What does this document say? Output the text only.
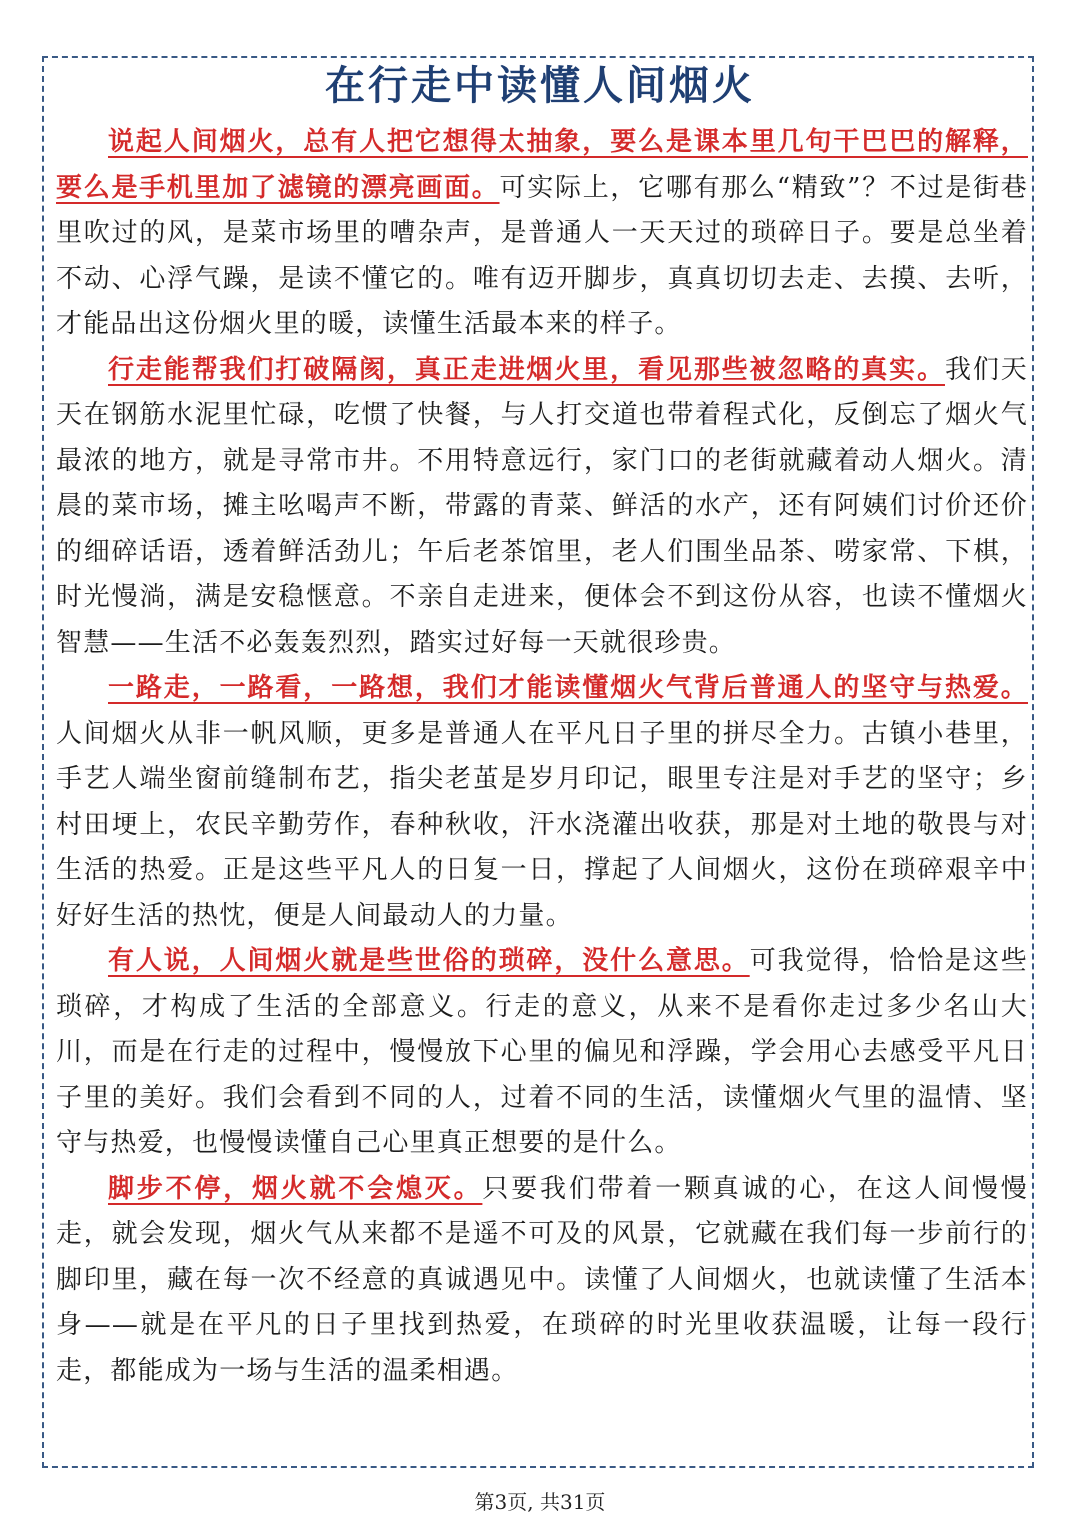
在行走中读懂人间烟火

说起人间烟火，总有人把它想得太抽象，要么是课本里几句干巴巴的解释，要么是手机里加了滤镜的漂亮画面。可实际上，它哪有那么“精致”？不过是街巷里吹过的风，是菜市场里的嘈杂声，是普通人一天天过的琐碎日子。要是总坐着不动、心浮气躁，是读不懂它的。唯有迈开脚步，真真切切去走、去摸、去听，才能品出这份烟火里的暖，读懂生活最本来的样子。

行走能帮我们打破隔阂，真正走进烟火里，看见那些被忽略的真实。我们天天在钢筋水泥里忙碌，吃惯了快餐，与人打交道也带着程式化，反倒忘了烟火气最浓的地方，就是寻常市井。不用特意远行，家门口的老街就藏着动人烟火。清晨的菜市场，摊主吆喝声不断，带露的青菜、鲜活的水产，还有阿姨们讨价还价的细碎话语，透着鲜活劲儿；午后老茶馆里，老人们围坐品茶、唠家常、下棋，时光慢淌，满是安稳惬意。不亲自走进来，便体会不到这份从容，也读不懂烟火智慧——生活不必轰轰烈烈，踏实过好每一天就很珍贵。

一路走，一路看，一路想，我们才能读懂烟火气背后普通人的坚守与热爱。人间烟火从非一帆风顺，更多是普通人在平凡日子里的拼尽全力。古镇小巷里，手艺人端坐窗前缝制布艺，指尖老茧是岁月印记，眼里专注是对手艺的坚守；乡村田埂上，农民辛勤劳作，春种秋收，汗水浇灌出收获，那是对土地的敬畏与对生活的热爱。正是这些平凡人的日复一日，撑起了人间烟火，这份在琐碎艰辛中好好生活的热忱，便是人间最动人的力量。

有人说，人间烟火就是些世俗的琐碎，没什么意思。可我觉得，恰恰是这些琐碎，才构成了生活的全部意义。行走的意义，从来不是看你走过多少名山大川，而是在行走的过程中，慢慢放下心里的偏见和浮躁，学会用心去感受平凡日子里的美好。我们会看到不同的人，过着不同的生活，读懂烟火气里的温情、坚守与热爱，也慢慢读懂自己心里真正想要的是什么。

脚步不停，烟火就不会熄灭。只要我们带着一颗真诚的心，在这人间慢慢走，就会发现，烟火气从来都不是遥不可及的风景，它就藏在我们每一步前行的脚印里，藏在每一次不经意的真诚遇见中。读懂了人间烟火，也就读懂了生活本身——就是在平凡的日子里找到热爱，在琐碎的时光里收获温暖，让每一段行走，都能成为一场与生活的温柔相遇。

第3页, 共31页
